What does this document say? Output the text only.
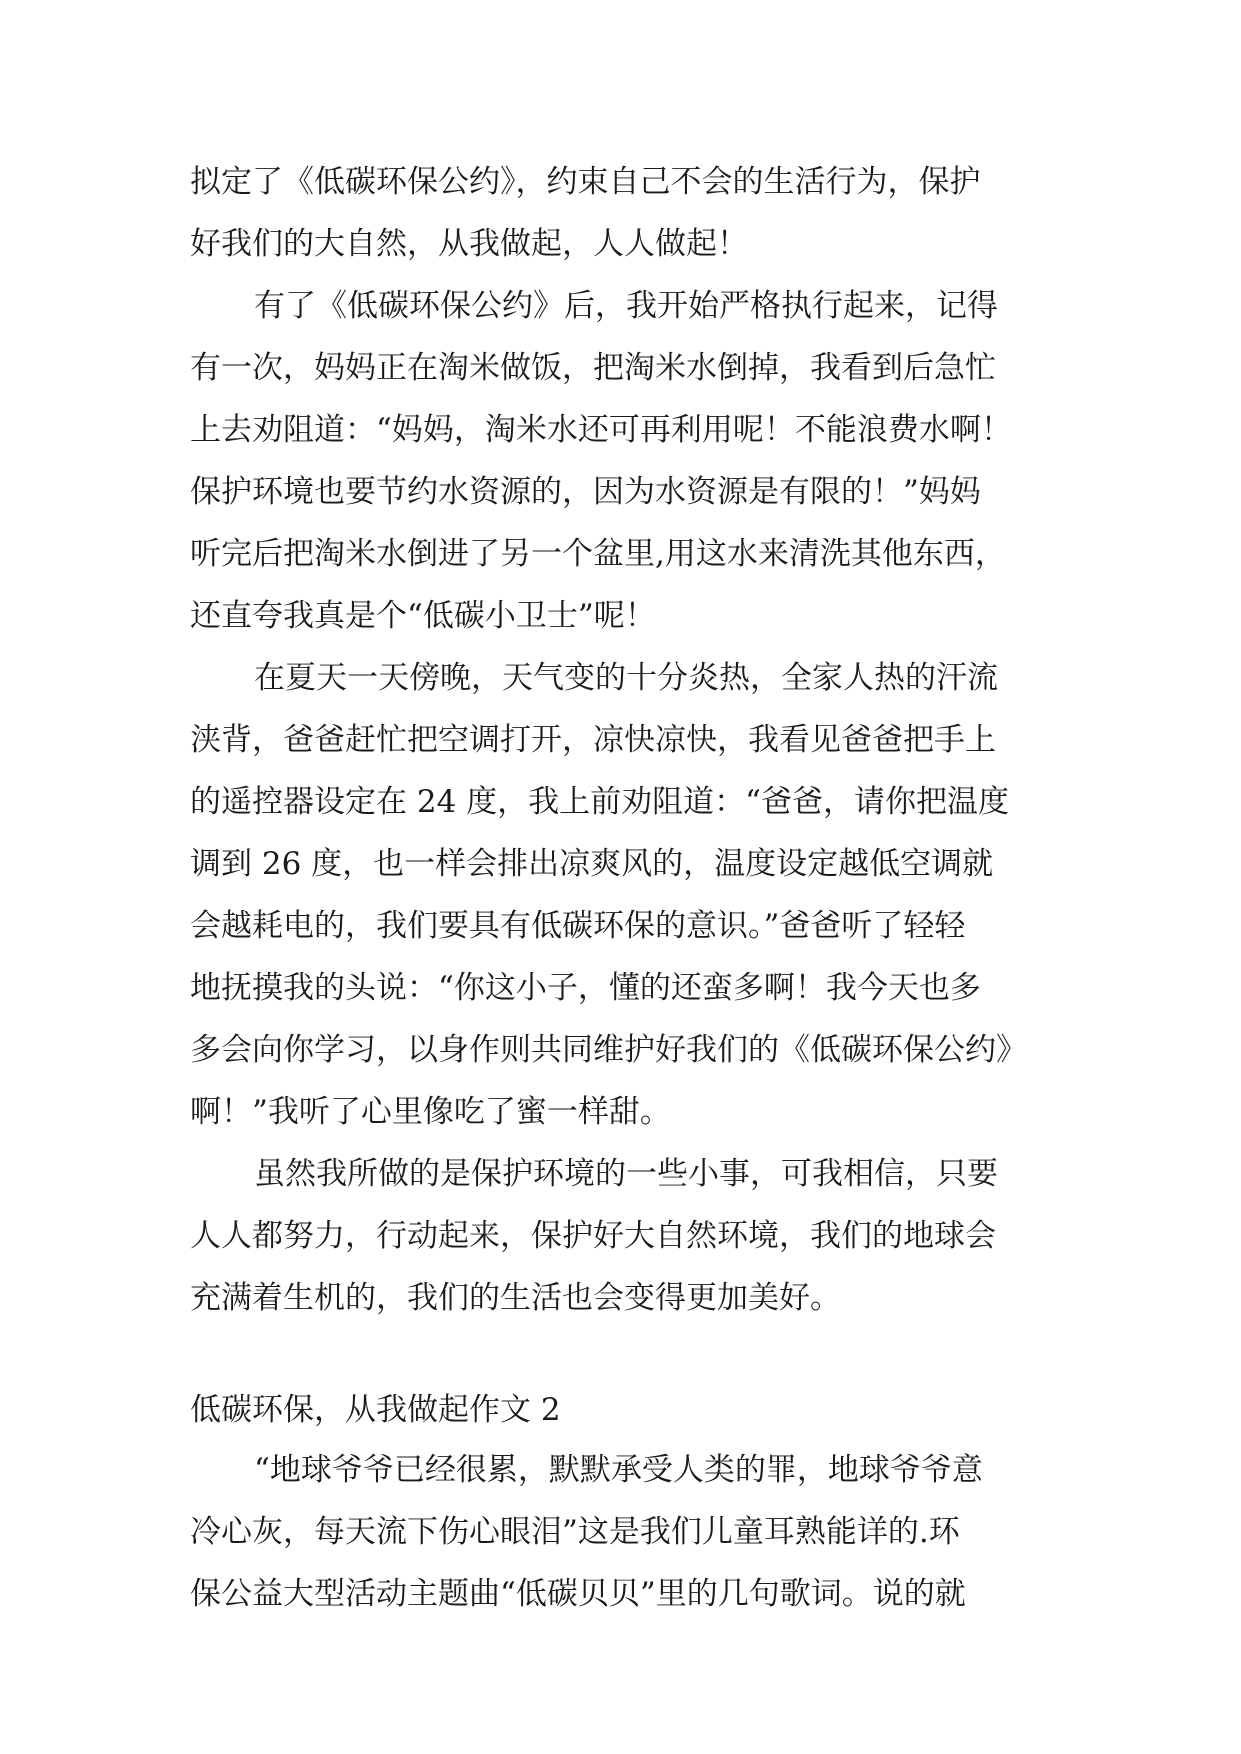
拟定了《低碳环保公约》，约束自己不会的生活行为，保护
好我们的大自然，从我做起，人人做起！
有了《低碳环保公约》后，我开始严格执行起来，记得
有一次，妈妈正在淘米做饭，把淘米水倒掉，我看到后急忙
上去劝阻道：“妈妈，淘米水还可再利用呢！不能浪费水啊！
保护环境也要节约水资源的，因为水资源是有限的！”妈妈
听完后把淘米水倒进了另一个盆里,用这水来清洗其他东西，
还直夸我真是个“低碳小卫士”呢！
在夏天一天傍晚，天气变的十分炎热，全家人热的汗流
浃背，爸爸赶忙把空调打开，凉快凉快，我看见爸爸把手上
的遥控器设定在 24 度，我上前劝阻道：“爸爸，请你把温度
调到 26 度，也一样会排出凉爽风的，温度设定越低空调就
会越耗电的，我们要具有低碳环保的意识。”爸爸听了轻轻
地抚摸我的头说：“你这小子，懂的还蛮多啊！我今天也多
多会向你学习，以身作则共同维护好我们的《低碳环保公约》
啊！”我听了心里像吃了蜜一样甜。
虽然我所做的是保护环境的一些小事，可我相信，只要
人人都努力，行动起来，保护好大自然环境，我们的地球会
充满着生机的，我们的生活也会变得更加美好。
低碳环保，从我做起作文 2
“地球爷爷已经很累，默默承受人类的罪，地球爷爷意
冷心灰，每天流下伤心眼泪”这是我们儿童耳熟能详的.环
保公益大型活动主题曲“低碳贝贝”里的几句歌词。说的就
